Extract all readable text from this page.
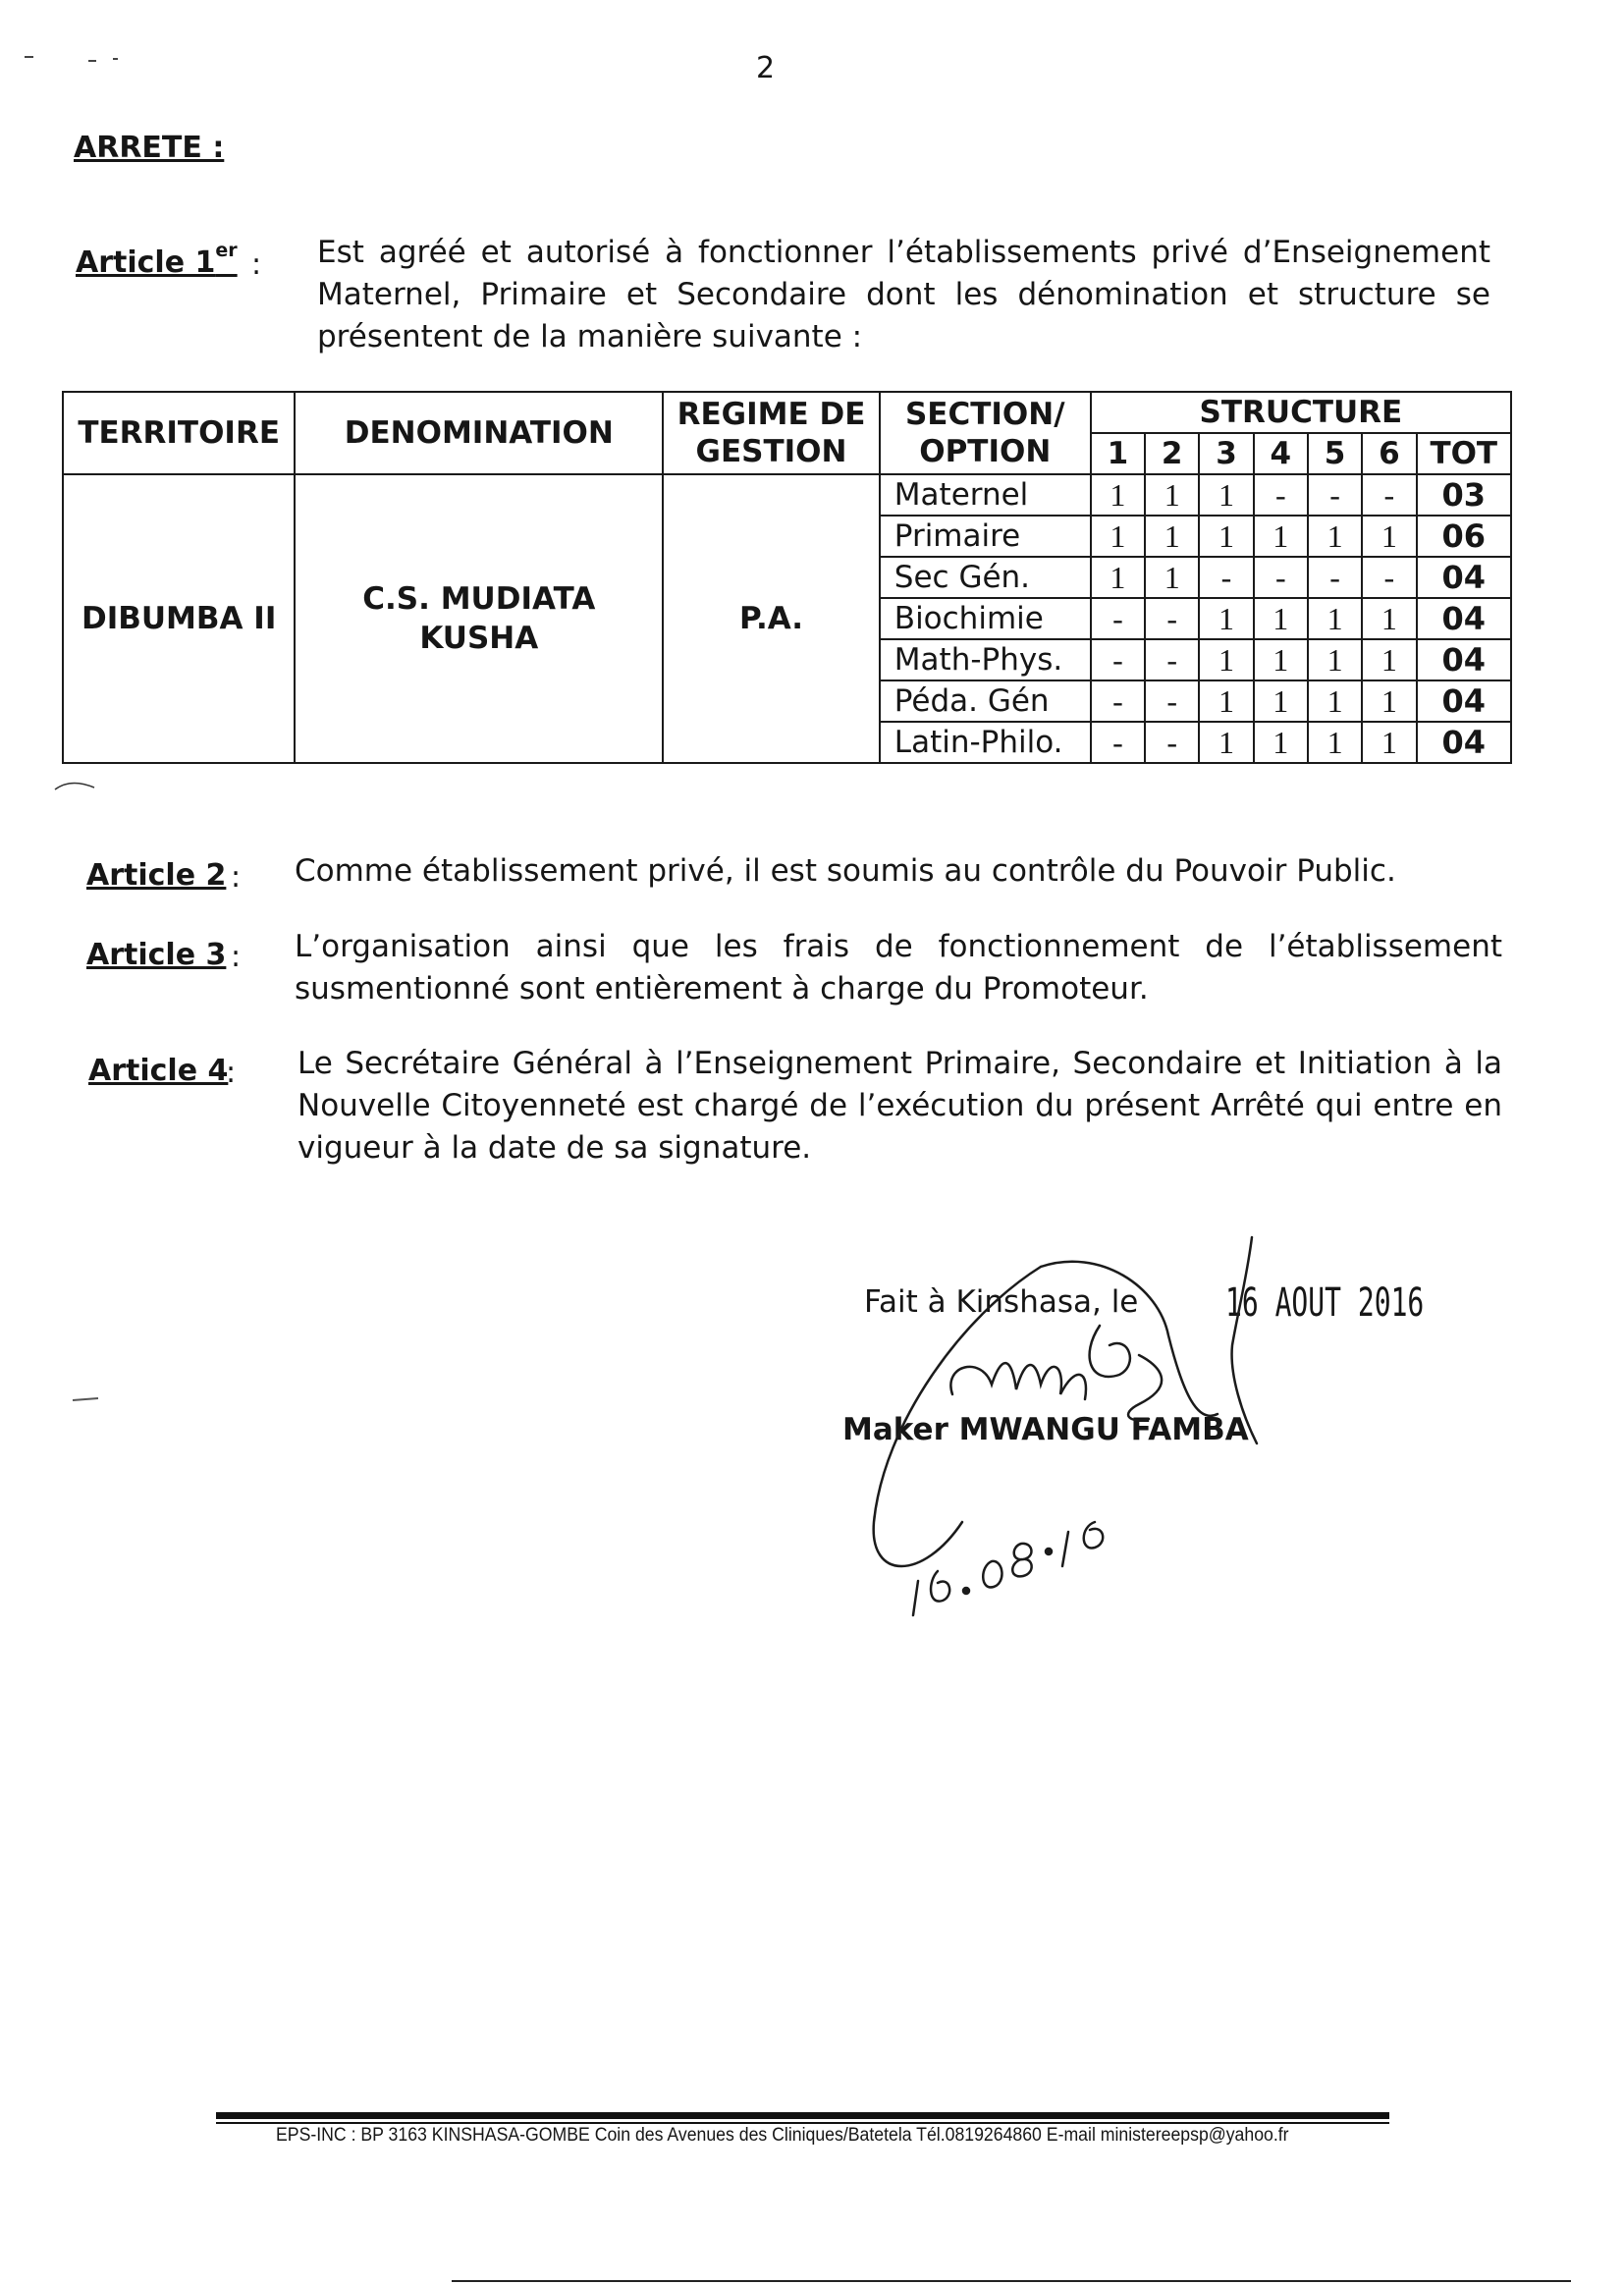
2
ARRETE :
Article 1er : Est agréé et autorisé à fonctionner l’établissements privé d’Enseignement Maternel, Primaire et Secondaire dont les dénomination et structure se présentent de la manière suivante :
TERRITOIRE	DENOMINATION	REGIME DE GESTION	SECTION/ OPTION	STRUCTURE						
				1	2	3	4	5	6	TOT
DIBUMBA II	C.S. MUDIATA KUSHA	P.A.	Maternel	1	1	1	-	-	-	03
			Primaire	1	1	1	1	1	1	06
			Sec Gén.	1	1	-	-	-	-	04
			Biochimie	-	-	1	1	1	1	04
			Math-Phys.	-	-	1	1	1	1	04
			Péda. Gén	-	-	1	1	1	1	04
			Latin-Philo.	-	-	1	1	1	1	04
Article 2 : Comme établissement privé, il est soumis au contrôle du Pouvoir Public.
Article 3 : L’organisation ainsi que les frais de fonctionnement de l’établissement susmentionné sont entièrement à charge du Promoteur.
Article 4
: Le Secrétaire Général à l’Enseignement Primaire, Secondaire et Initiation à la Nouvelle Citoyenneté est chargé de l’exécution du présent Arrêté qui entre en vigueur à la date de sa signature.
Fait à Kinshasa, le 16 AOUT 2016
Maker MWANGU FAMBA
EPS-INC : BP 3163 KINSHASA-GOMBE Coin des Avenues des Cliniques/Batetela Tél.0819264860 E-mail ministereepsp@yahoo.fr
